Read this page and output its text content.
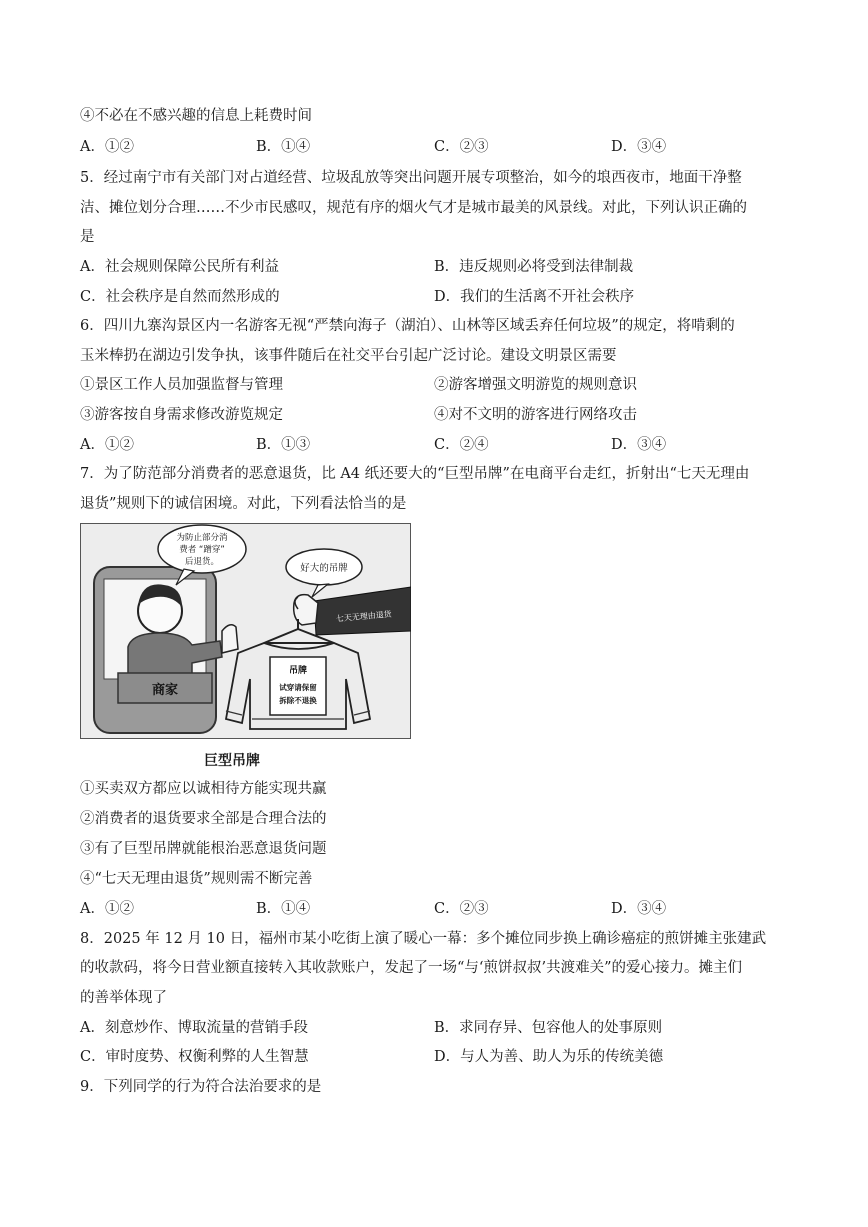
④不必在不感兴趣的信息上耗费时间
A．①②	B．①④	C．②③	D．③④
5．经过南宁市有关部门对占道经营、垃圾乱放等突出问题开展专项整治，如今的埌西夜市，地面干净整
洁、摊位划分合理……不少市民感叹，规范有序的烟火气才是城市最美的风景线。对此，下列认识正确的
是
A．社会规则保障公民所有利益	B．违反规则必将受到法律制裁
C．社会秩序是自然而然形成的	D．我们的生活离不开社会秩序
6．四川九寨沟景区内一名游客无视“严禁向海子（湖泊）、山林等区域丢弃任何垃圾”的规定，将啃剩的
玉米棒扔在湖边引发争执，该事件随后在社交平台引起广泛讨论。建设文明景区需要
①景区工作人员加强监督与管理	②游客增强文明游览的规则意识
③游客按自身需求修改游览规定	④对不文明的游客进行网络攻击
A．①②	B．①③	C．②④	D．③④
7．为了防范部分消费者的恶意退货，比 A4 纸还要大的“巨型吊牌”在电商平台走红，折射出“七天无理由
退货”规则下的诚信困境。对此，下列看法恰当的是
商家
为防止部分消
费者 “蹭穿”
后退货。
好大的吊牌
七天无理由退货
吊牌
试穿请保留
拆除不退换
巨型吊牌
①买卖双方都应以诚相待方能实现共赢
②消费者的退货要求全部是合理合法的
③有了巨型吊牌就能根治恶意退货问题
④“七天无理由退货”规则需不断完善
A．①②	B．①④	C．②③	D．③④
8．2025 年 12 月 10 日，福州市某小吃街上演了暖心一幕：多个摊位同步换上确诊癌症的煎饼摊主张建武
的收款码，将今日营业额直接转入其收款账户，发起了一场“与‘煎饼叔叔’共渡难关”的爱心接力。摊主们
的善举体现了
A．刻意炒作、博取流量的营销手段	B．求同存异、包容他人的处事原则
C．审时度势、权衡利弊的人生智慧	D．与人为善、助人为乐的传统美德
9．下列同学的行为符合法治要求的是
